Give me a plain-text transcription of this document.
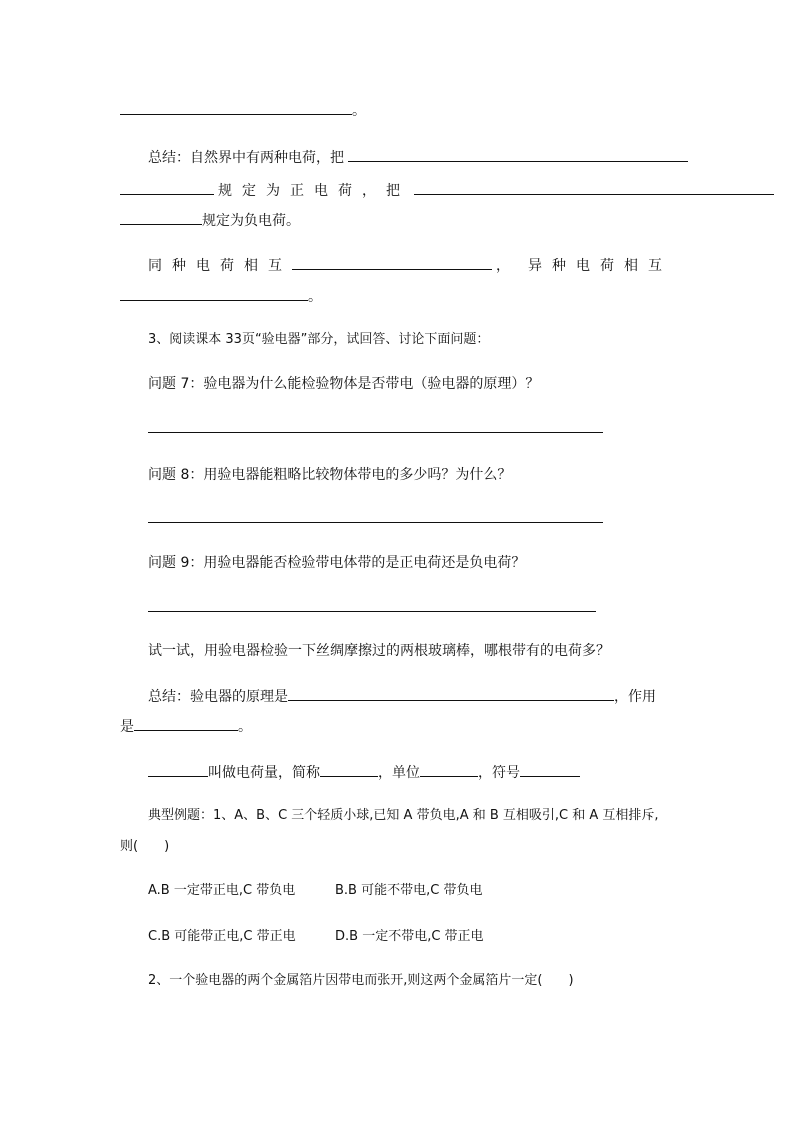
。
总结：自然界中有两种电荷，把
规定为正电荷，把
规定为负电荷。
同种电荷相互	， 异种电荷相互
。
3、阅读课本 33页“验电器”部分，试回答、讨论下面问题：
问题 7：验电器为什么能检验物体是否带电（验电器的原理）？
问题 8：用验电器能粗略比较物体带电的多少吗？为什么？
问题 9：用验电器能否检验带电体带的是正电荷还是负电荷？
试一试，用验电器检验一下丝绸摩擦过的两根玻璃棒，哪根带有的电荷多？
总结：验电器的原理是	，作用
是	。
叫做电荷量，简称	，单位	，符号
典型例题：1、A、B、C 三个轻质小球,已知 A 带负电,A 和 B 互相吸引,C 和 A 互相排斥,
则(　　)
A.B 一定带正电,C 带负电	B.B 可能不带电,C 带负电
C.B 可能带正电,C 带正电	D.B 一定不带电,C 带正电
2、一个验电器的两个金属箔片因带电而张开,则这两个金属箔片一定(　　)
